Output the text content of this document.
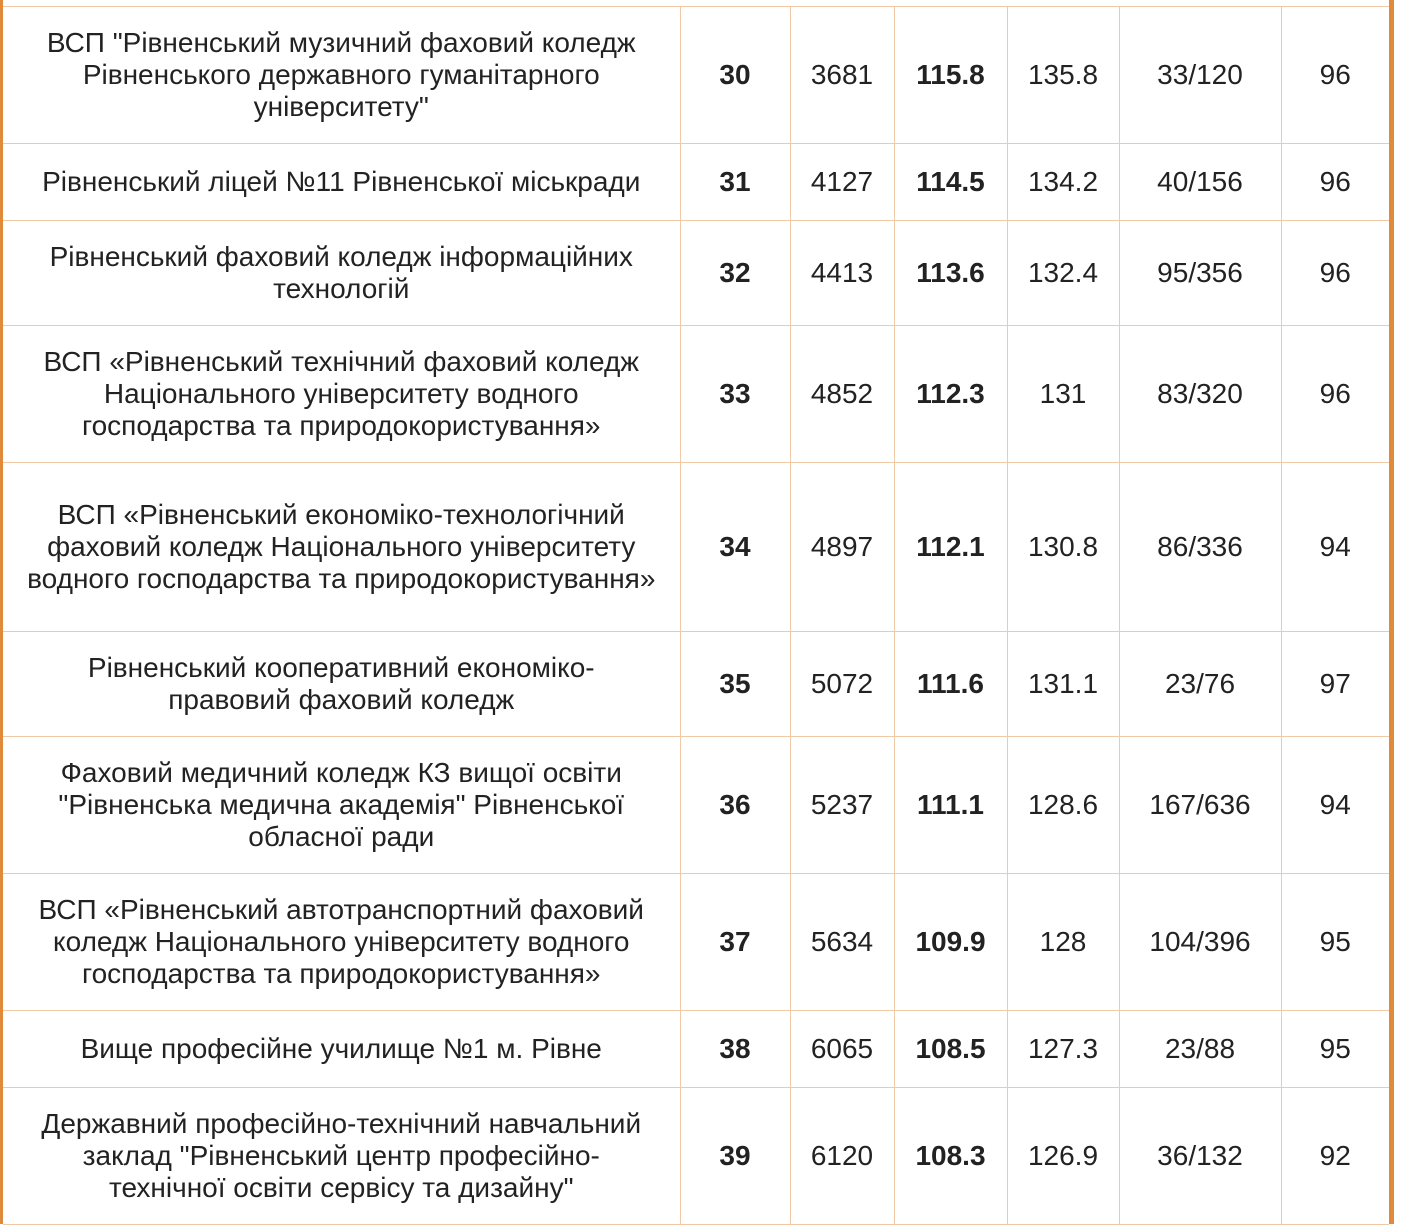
ВСП "Рівненський музичний фаховий коледж Рівненського державного гуманітарного університету"	30	3681	115.8	135.8	33/120	96
Рівненський ліцей №11 Рівненської міськради	31	4127	114.5	134.2	40/156	96
Рівненський фаховий коледж інформаційних технологій	32	4413	113.6	132.4	95/356	96
ВСП «Рівненський технічний фаховий коледж Національного університету водного господарства та природокористування»	33	4852	112.3	131	83/320	96
ВСП «Рівненський економіко-технологічний фаховий коледж Національного університету водного господарства та природокористування»	34	4897	112.1	130.8	86/336	94
Рівненський кооперативний економіко-правовий фаховий коледж	35	5072	111.6	131.1	23/76	97
Фаховий медичний коледж КЗ вищої освіти "Рівненська медична академія" Рівненської обласної ради	36	5237	111.1	128.6	167/636	94
ВСП «Рівненський автотранспортний фаховий коледж Національного університету водного господарства та природокористування»	37	5634	109.9	128	104/396	95
Вище професійне училище №1 м. Рівне	38	6065	108.5	127.3	23/88	95
Державний професійно-технічний навчальний заклад "Рівненський центр професійно-технічної освіти сервісу та дизайну"	39	6120	108.3	126.9	36/132	92
